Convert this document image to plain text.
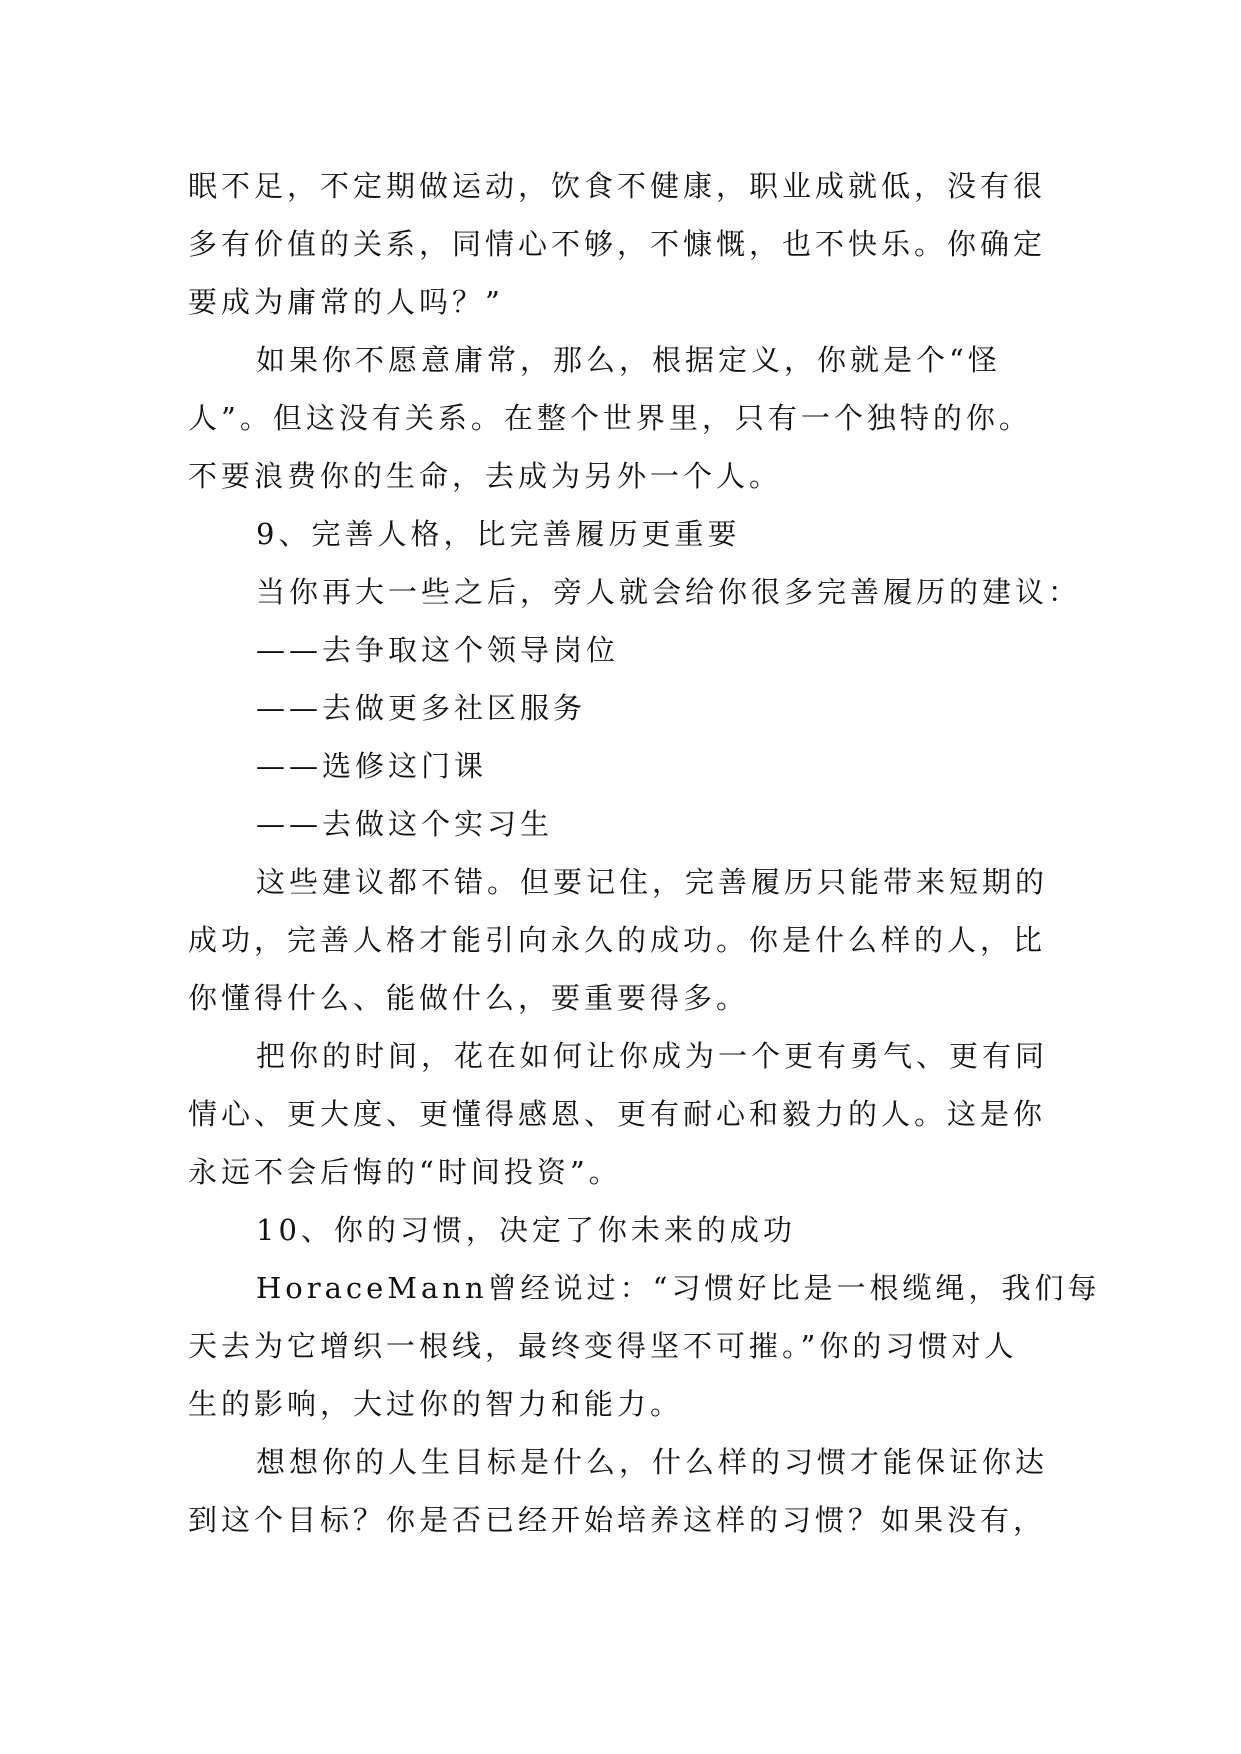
眠不足，不定期做运动，饮食不健康，职业成就低，没有很
多有价值的关系，同情心不够，不慷慨，也不快乐。你确定
要成为庸常的人吗？”
如果你不愿意庸常，那么，根据定义，你就是个“怪
人”。但这没有关系。在整个世界里，只有一个独特的你。
不要浪费你的生命，去成为另外一个人。
9、完善人格，比完善履历更重要
当你再大一些之后，旁人就会给你很多完善履历的建议：
——去争取这个领导岗位
——去做更多社区服务
——选修这门课
——去做这个实习生
这些建议都不错。但要记住，完善履历只能带来短期的
成功，完善人格才能引向永久的成功。你是什么样的人，比
你懂得什么、能做什么，要重要得多。
把你的时间，花在如何让你成为一个更有勇气、更有同
情心、更大度、更懂得感恩、更有耐心和毅力的人。这是你
永远不会后悔的“时间投资”。
10、你的习惯，决定了你未来的成功
HoraceMann曾经说过：“习惯好比是一根缆绳，我们每
天去为它增织一根线，最终变得坚不可摧。”你的习惯对人
生的影响，大过你的智力和能力。
想想你的人生目标是什么，什么样的习惯才能保证你达
到这个目标？你是否已经开始培养这样的习惯？如果没有，
